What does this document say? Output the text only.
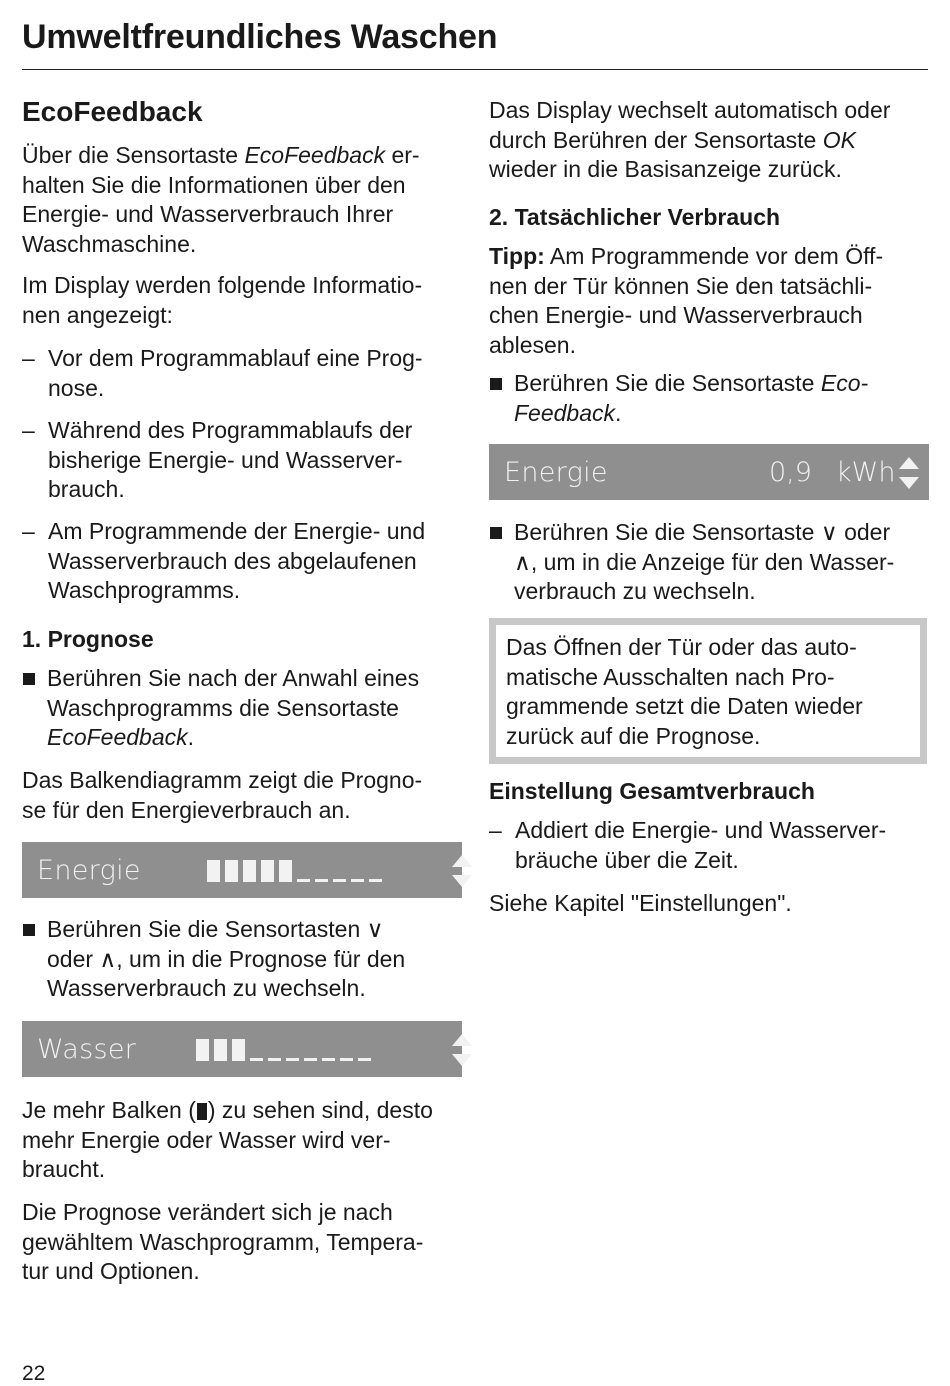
Umweltfreundliches Waschen
EcoFeedback
Über die Sensortaste EcoFeedback er-
halten Sie die Informationen über den
Energie- und Wasserverbrauch Ihrer
Waschmaschine.
Im Display werden folgende Informatio-
nen angezeigt:
– Vor dem Programmablauf eine Prog-
nose.
– Während des Programmablaufs der
bisherige Energie- und Wasserver-
brauch.
– Am Programmende der Energie- und
Wasserverbrauch des abgelaufenen
Waschprogramms.
1. Prognose
Berühren Sie nach der Anwahl eines
Waschprogramms die Sensortaste
EcoFeedback.
Das Balkendiagramm zeigt die Progno-
se für den Energieverbrauch an.
Energie
Berühren Sie die Sensortasten ∨
oder ∧, um in die Prognose für den
Wasserverbrauch zu wechseln.
Wasser
Je mehr Balken ( ) zu sehen sind, desto
mehr Energie oder Wasser wird ver-
braucht.
Die Prognose verändert sich je nach
gewähltem Waschprogramm, Tempera-
tur und Optionen.
Das Display wechselt automatisch oder
durch Berühren der Sensortaste OK
wieder in die Basisanzeige zurück.
2. Tatsächlicher Verbrauch
Tipp: Am Programmende vor dem Öff-
nen der Tür können Sie den tatsächli-
chen Energie- und Wasserverbrauch
ablesen.
Berühren Sie die Sensortaste Eco-
Feedback.
Energie	0,9 kWh
Berühren Sie die Sensortaste ∨ oder
∧, um in die Anzeige für den Wasser-
verbrauch zu wechseln.
Das Öffnen der Tür oder das auto-
matische Ausschalten nach Pro-
grammende setzt die Daten wieder
zurück auf die Prognose.
Einstellung Gesamtverbrauch
– Addiert die Energie- und Wasserver-
bräuche über die Zeit.
Siehe Kapitel "Einstellungen".
22
